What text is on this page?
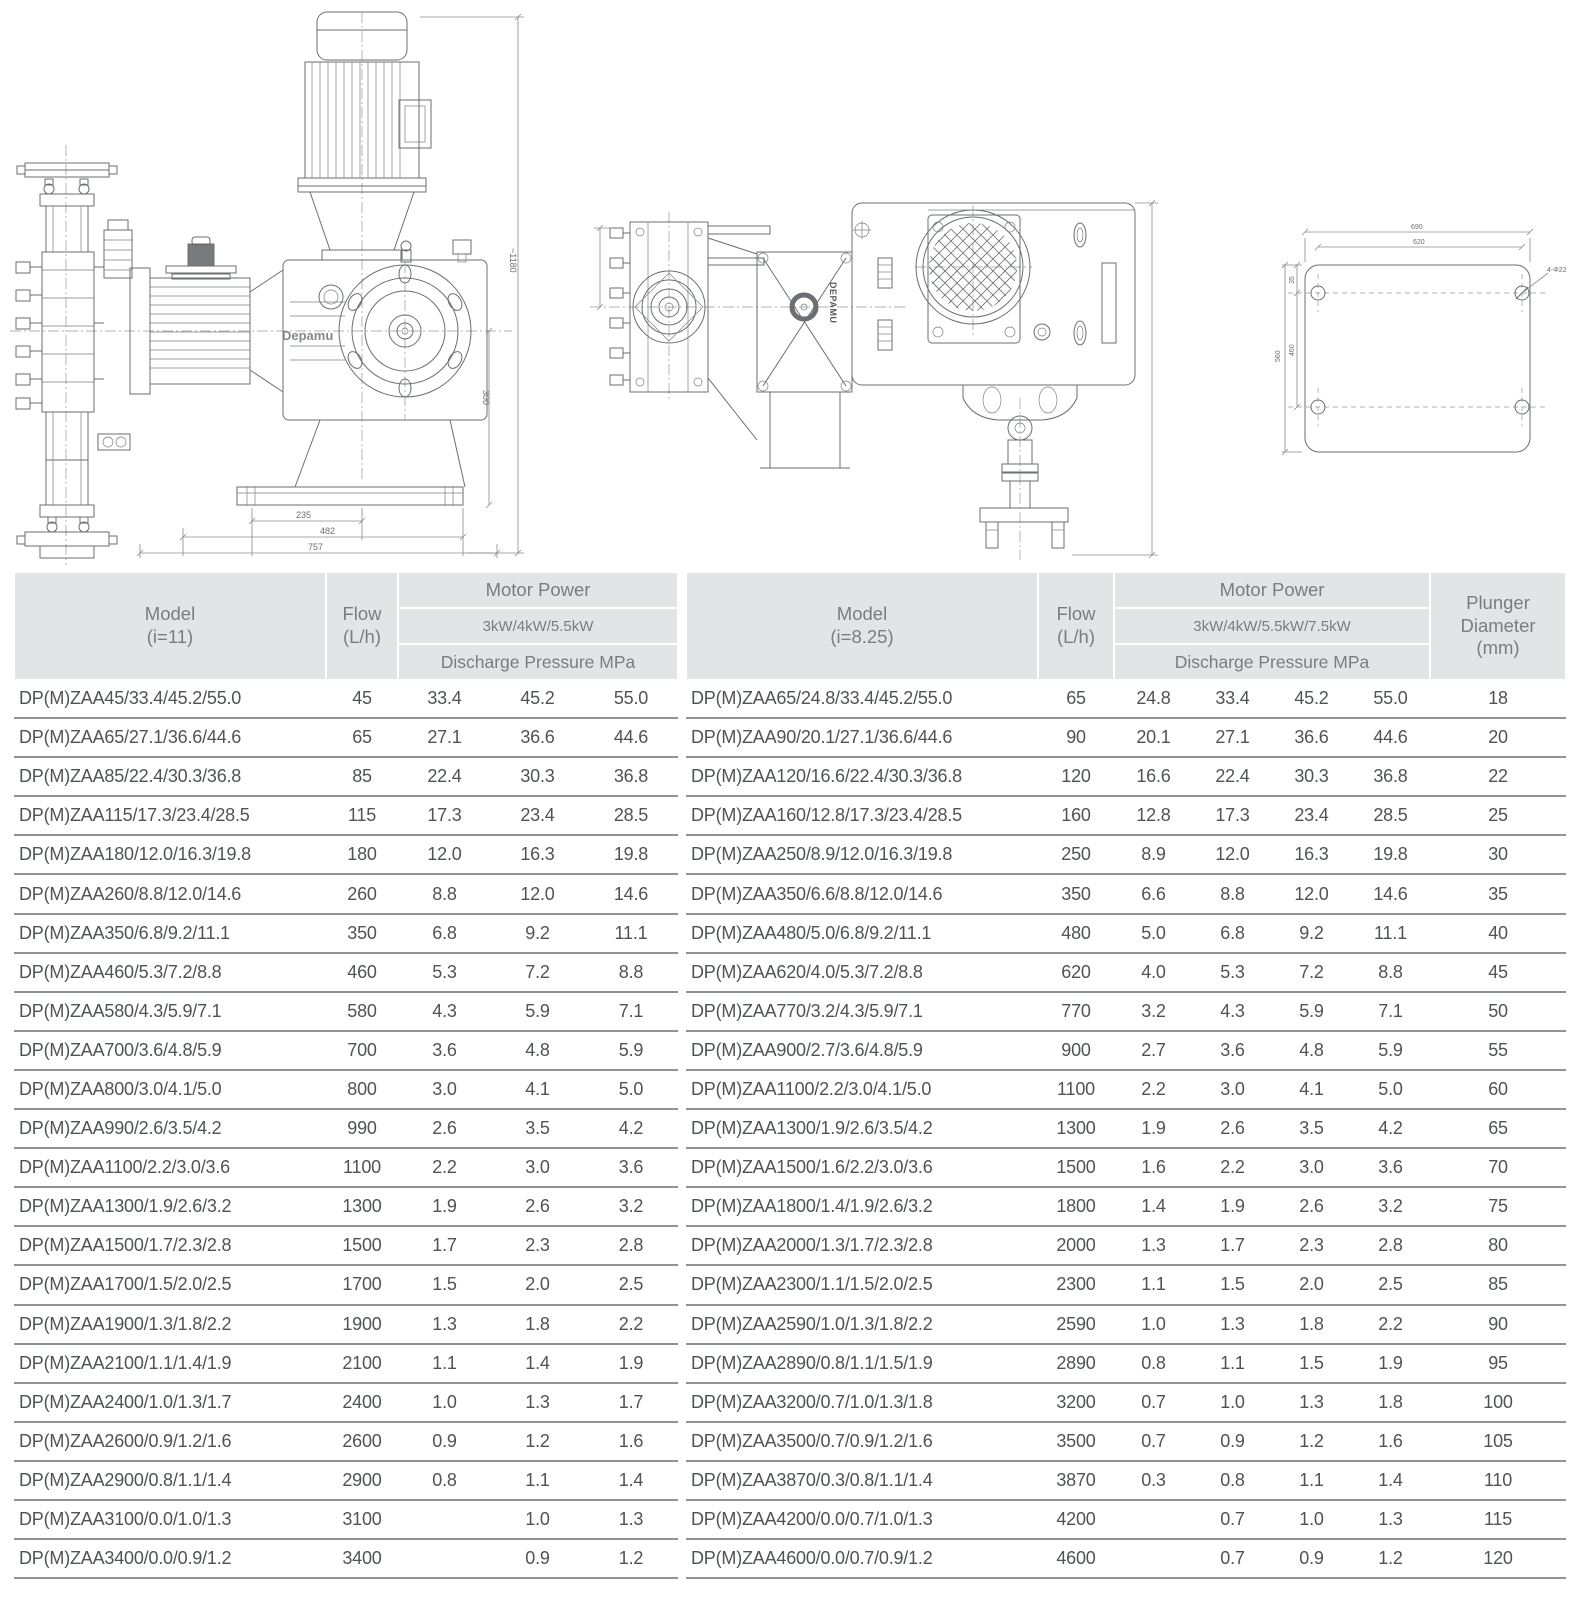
Depamu
235
482
757
~1180
300
DEPAMU
690
620
560
35
460
4-Φ22
Model
(i=11)

Flow
(L/h)
	Motor Power
		3kW/4kW/5.5kW		
		Discharge Pressure MPa		
DP(M)ZAA45/33.4/45.2/55.0	45	33.4	45.2	55.0
DP(M)ZAA65/27.1/36.6/44.6	65	27.1	36.6	44.6
DP(M)ZAA85/22.4/30.3/36.8	85	22.4	30.3	36.8
DP(M)ZAA115/17.3/23.4/28.5	115	17.3	23.4	28.5
DP(M)ZAA180/12.0/16.3/19.8	180	12.0	16.3	19.8
DP(M)ZAA260/8.8/12.0/14.6	260	8.8	12.0	14.6
DP(M)ZAA350/6.8/9.2/11.1	350	6.8	9.2	11.1
DP(M)ZAA460/5.3/7.2/8.8	460	5.3	7.2	8.8
DP(M)ZAA580/4.3/5.9/7.1	580	4.3	5.9	7.1
DP(M)ZAA700/3.6/4.8/5.9	700	3.6	4.8	5.9
DP(M)ZAA800/3.0/4.1/5.0	800	3.0	4.1	5.0
DP(M)ZAA990/2.6/3.5/4.2	990	2.6	3.5	4.2
DP(M)ZAA1100/2.2/3.0/3.6	1100	2.2	3.0	3.6
DP(M)ZAA1300/1.9/2.6/3.2	1300	1.9	2.6	3.2
DP(M)ZAA1500/1.7/2.3/2.8	1500	1.7	2.3	2.8
DP(M)ZAA1700/1.5/2.0/2.5	1700	1.5	2.0	2.5
DP(M)ZAA1900/1.3/1.8/2.2	1900	1.3	1.8	2.2
DP(M)ZAA2100/1.1/1.4/1.9	2100	1.1	1.4	1.9
DP(M)ZAA2400/1.0/1.3/1.7	2400	1.0	1.3	1.7
DP(M)ZAA2600/0.9/1.2/1.6	2600	0.9	1.2	1.6
DP(M)ZAA2900/0.8/1.1/1.4	2900	0.8	1.1	1.4
DP(M)ZAA3100/0.0/1.0/1.3	3100		1.0	1.3
DP(M)ZAA3400/0.0/0.9/1.2	3400		0.9	1.2
Model
(i=8.25)

Flow
(L/h)
	Motor Power	
Plunger
Diameter
(mm)

		3kW/4kW/5.5kW/7.5kW				
		Discharge Pressure MPa				
DP(M)ZAA65/24.8/33.4/45.2/55.0	65	24.8	33.4	45.2	55.0	18
DP(M)ZAA90/20.1/27.1/36.6/44.6	90	20.1	27.1	36.6	44.6	20
DP(M)ZAA120/16.6/22.4/30.3/36.8	120	16.6	22.4	30.3	36.8	22
DP(M)ZAA160/12.8/17.3/23.4/28.5	160	12.8	17.3	23.4	28.5	25
DP(M)ZAA250/8.9/12.0/16.3/19.8	250	8.9	12.0	16.3	19.8	30
DP(M)ZAA350/6.6/8.8/12.0/14.6	350	6.6	8.8	12.0	14.6	35
DP(M)ZAA480/5.0/6.8/9.2/11.1	480	5.0	6.8	9.2	11.1	40
DP(M)ZAA620/4.0/5.3/7.2/8.8	620	4.0	5.3	7.2	8.8	45
DP(M)ZAA770/3.2/4.3/5.9/7.1	770	3.2	4.3	5.9	7.1	50
DP(M)ZAA900/2.7/3.6/4.8/5.9	900	2.7	3.6	4.8	5.9	55
DP(M)ZAA1100/2.2/3.0/4.1/5.0	1100	2.2	3.0	4.1	5.0	60
DP(M)ZAA1300/1.9/2.6/3.5/4.2	1300	1.9	2.6	3.5	4.2	65
DP(M)ZAA1500/1.6/2.2/3.0/3.6	1500	1.6	2.2	3.0	3.6	70
DP(M)ZAA1800/1.4/1.9/2.6/3.2	1800	1.4	1.9	2.6	3.2	75
DP(M)ZAA2000/1.3/1.7/2.3/2.8	2000	1.3	1.7	2.3	2.8	80
DP(M)ZAA2300/1.1/1.5/2.0/2.5	2300	1.1	1.5	2.0	2.5	85
DP(M)ZAA2590/1.0/1.3/1.8/2.2	2590	1.0	1.3	1.8	2.2	90
DP(M)ZAA2890/0.8/1.1/1.5/1.9	2890	0.8	1.1	1.5	1.9	95
DP(M)ZAA3200/0.7/1.0/1.3/1.8	3200	0.7	1.0	1.3	1.8	100
DP(M)ZAA3500/0.7/0.9/1.2/1.6	3500	0.7	0.9	1.2	1.6	105
DP(M)ZAA3870/0.3/0.8/1.1/1.4	3870	0.3	0.8	1.1	1.4	110
DP(M)ZAA4200/0.0/0.7/1.0/1.3	4200		0.7	1.0	1.3	115
DP(M)ZAA4600/0.0/0.7/0.9/1.2	4600		0.7	0.9	1.2	120
